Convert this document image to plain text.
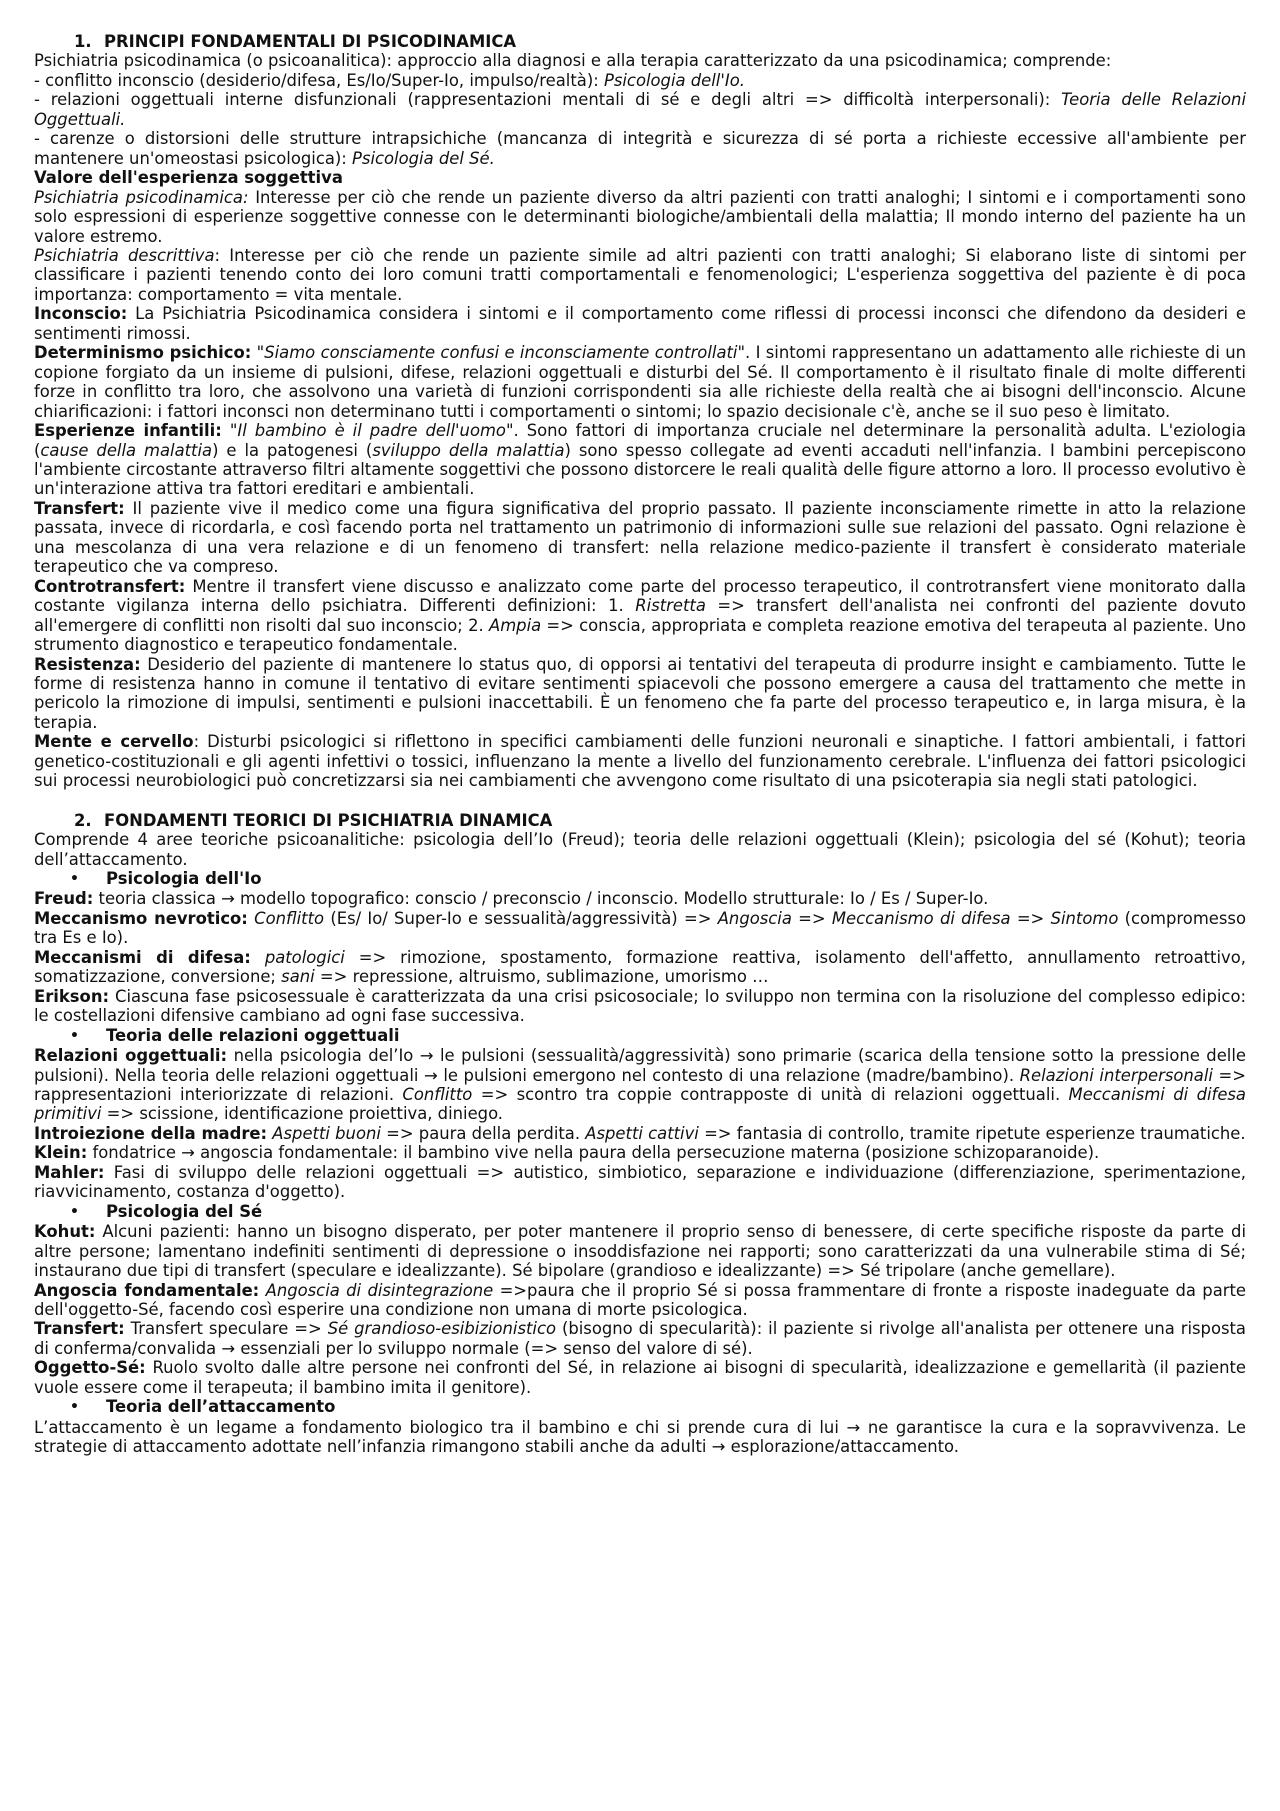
1. PRINCIPI FONDAMENTALI DI PSICODINAMICA

Psichiatria psicodinamica (o psicoanalitica): approccio alla diagnosi e alla terapia caratterizzato da una psicodinamica; comprende:

- conflitto inconscio (desiderio/difesa, Es/Io/Super-Io, impulso/realtà): Psicologia dell'Io.

- relazioni oggettuali interne disfunzionali (rappresentazioni mentali di sé e degli altri => difficoltà interpersonali): Teoria delle Relazioni Oggettuali.

- carenze o distorsioni delle strutture intrapsichiche (mancanza di integrità e sicurezza di sé porta a richieste eccessive all'ambiente per mantenere un'omeostasi psicologica): Psicologia del Sé.

Valore dell'esperienza soggettiva

Psichiatria psicodinamica: Interesse per ciò che rende un paziente diverso da altri pazienti con tratti analoghi; I sintomi e i comportamenti sono solo espressioni di esperienze soggettive connesse con le determinanti biologiche/ambientali della malattia; Il mondo interno del paziente ha un valore estremo.

Psichiatria descrittiva: Interesse per ciò che rende un paziente simile ad altri pazienti con tratti analoghi; Si elaborano liste di sintomi per classificare i pazienti tenendo conto dei loro comuni tratti comportamentali e fenomenologici; L'esperienza soggettiva del paziente è di poca importanza: comportamento = vita mentale.

Inconscio: La Psichiatria Psicodinamica considera i sintomi e il comportamento come riflessi di processi inconsci che difendono da desideri e sentimenti rimossi.

Determinismo psichico: "Siamo consciamente confusi e inconsciamente controllati". I sintomi rappresentano un adattamento alle richieste di un copione forgiato da un insieme di pulsioni, difese, relazioni oggettuali e disturbi del Sé. Il comportamento è il risultato finale di molte differenti forze in conflitto tra loro, che assolvono una varietà di funzioni corrispondenti sia alle richieste della realtà che ai bisogni dell'inconscio. Alcune chiarificazioni: i fattori inconsci non determinano tutti i comportamenti o sintomi; lo spazio decisionale c'è, anche se il suo peso è limitato.

Esperienze infantili: "Il bambino è il padre dell'uomo". Sono fattori di importanza cruciale nel determinare la personalità adulta. L'eziologia (cause della malattia) e la patogenesi (sviluppo della malattia) sono spesso collegate ad eventi accaduti nell'infanzia. I bambini percepiscono l'ambiente circostante attraverso filtri altamente soggettivi che possono distorcere le reali qualità delle figure attorno a loro. Il processo evolutivo è un'interazione attiva tra fattori ereditari e ambientali.

Transfert: Il paziente vive il medico come una figura significativa del proprio passato. Il paziente inconsciamente rimette in atto la relazione passata, invece di ricordarla, e così facendo porta nel trattamento un patrimonio di informazioni sulle sue relazioni del passato. Ogni relazione è una mescolanza di una vera relazione e di un fenomeno di transfert: nella relazione medico-paziente il transfert è considerato materiale terapeutico che va compreso.

Controtransfert: Mentre il transfert viene discusso e analizzato come parte del processo terapeutico, il controtransfert viene monitorato dalla costante vigilanza interna dello psichiatra. Differenti definizioni: 1. Ristretta => transfert dell'analista nei confronti del paziente dovuto all'emergere di conflitti non risolti dal suo inconscio; 2. Ampia => conscia, appropriata e completa reazione emotiva del terapeuta al paziente. Uno strumento diagnostico e terapeutico fondamentale.

Resistenza: Desiderio del paziente di mantenere lo status quo, di opporsi ai tentativi del terapeuta di produrre insight e cambiamento. Tutte le forme di resistenza hanno in comune il tentativo di evitare sentimenti spiacevoli che possono emergere a causa del trattamento che mette in pericolo la rimozione di impulsi, sentimenti e pulsioni inaccettabili. È un fenomeno che fa parte del processo terapeutico e, in larga misura, è la terapia.

Mente e cervello: Disturbi psicologici si riflettono in specifici cambiamenti delle funzioni neuronali e sinaptiche. I fattori ambientali, i fattori genetico-costituzionali e gli agenti infettivi o tossici, influenzano la mente a livello del funzionamento cerebrale. L'influenza dei fattori psicologici sui processi neurobiologici può concretizzarsi sia nei cambiamenti che avvengono come risultato di una psicoterapia sia negli stati patologici.

2. FONDAMENTI TEORICI DI PSICHIATRIA DINAMICA

Comprende 4 aree teoriche psicoanalitiche: psicologia dell’Io (Freud); teoria delle relazioni oggettuali (Klein); psicologia del sé (Kohut); teoria dell’attaccamento.

• Psicologia dell'Io

Freud: teoria classica → modello topografico: conscio / preconscio / inconscio. Modello strutturale: Io / Es / Super-Io.

Meccanismo nevrotico: Conflitto (Es/ Io/ Super-Io e sessualità/aggressività) => Angoscia => Meccanismo di difesa => Sintomo (compromesso tra Es e Io).

Meccanismi di difesa: patologici => rimozione, spostamento, formazione reattiva, isolamento dell'affetto, annullamento retroattivo, somatizzazione, conversione; sani => repressione, altruismo, sublimazione, umorismo …

Erikson: Ciascuna fase psicosessuale è caratterizzata da una crisi psicosociale; lo sviluppo non termina con la risoluzione del complesso edipico: le costellazioni difensive cambiano ad ogni fase successiva.

• Teoria delle relazioni oggettuali

Relazioni oggettuali: nella psicologia del’Io → le pulsioni (sessualità/aggressività) sono primarie (scarica della tensione sotto la pressione delle pulsioni). Nella teoria delle relazioni oggettuali → le pulsioni emergono nel contesto di una relazione (madre/bambino). Relazioni interpersonali => rappresentazioni interiorizzate di relazioni. Conflitto => scontro tra coppie contrapposte di unità di relazioni oggettuali. Meccanismi di difesa primitivi => scissione, identificazione proiettiva, diniego.

Introiezione della madre: Aspetti buoni => paura della perdita. Aspetti cattivi => fantasia di controllo, tramite ripetute esperienze traumatiche.

Klein: fondatrice → angoscia fondamentale: il bambino vive nella paura della persecuzione materna (posizione schizoparanoide).

Mahler: Fasi di sviluppo delle relazioni oggettuali => autistico, simbiotico, separazione e individuazione (differenziazione, sperimentazione, riavvicinamento, costanza d'oggetto).

• Psicologia del Sé

Kohut: Alcuni pazienti: hanno un bisogno disperato, per poter mantenere il proprio senso di benessere, di certe specifiche risposte da parte di altre persone; lamentano indefiniti sentimenti di depressione o insoddisfazione nei rapporti; sono caratterizzati da una vulnerabile stima di Sé; instaurano due tipi di transfert (speculare e idealizzante). Sé bipolare (grandioso e idealizzante) => Sé tripolare (anche gemellare).

Angoscia fondamentale: Angoscia di disintegrazione =>paura che il proprio Sé si possa frammentare di fronte a risposte inadeguate da parte dell'oggetto-Sé, facendo così esperire una condizione non umana di morte psicologica.

Transfert: Transfert speculare => Sé grandioso-esibizionistico (bisogno di specularità): il paziente si rivolge all'analista per ottenere una risposta di conferma/convalida → essenziali per lo sviluppo normale (=> senso del valore di sé).

Oggetto-Sé: Ruolo svolto dalle altre persone nei confronti del Sé, in relazione ai bisogni di specularità, idealizzazione e gemellarità (il paziente vuole essere come il terapeuta; il bambino imita il genitore).

• Teoria dell’attaccamento

L’attaccamento è un legame a fondamento biologico tra il bambino e chi si prende cura di lui → ne garantisce la cura e la sopravvivenza. Le strategie di attaccamento adottate nell’infanzia rimangono stabili anche da adulti → esplorazione/attaccamento.
